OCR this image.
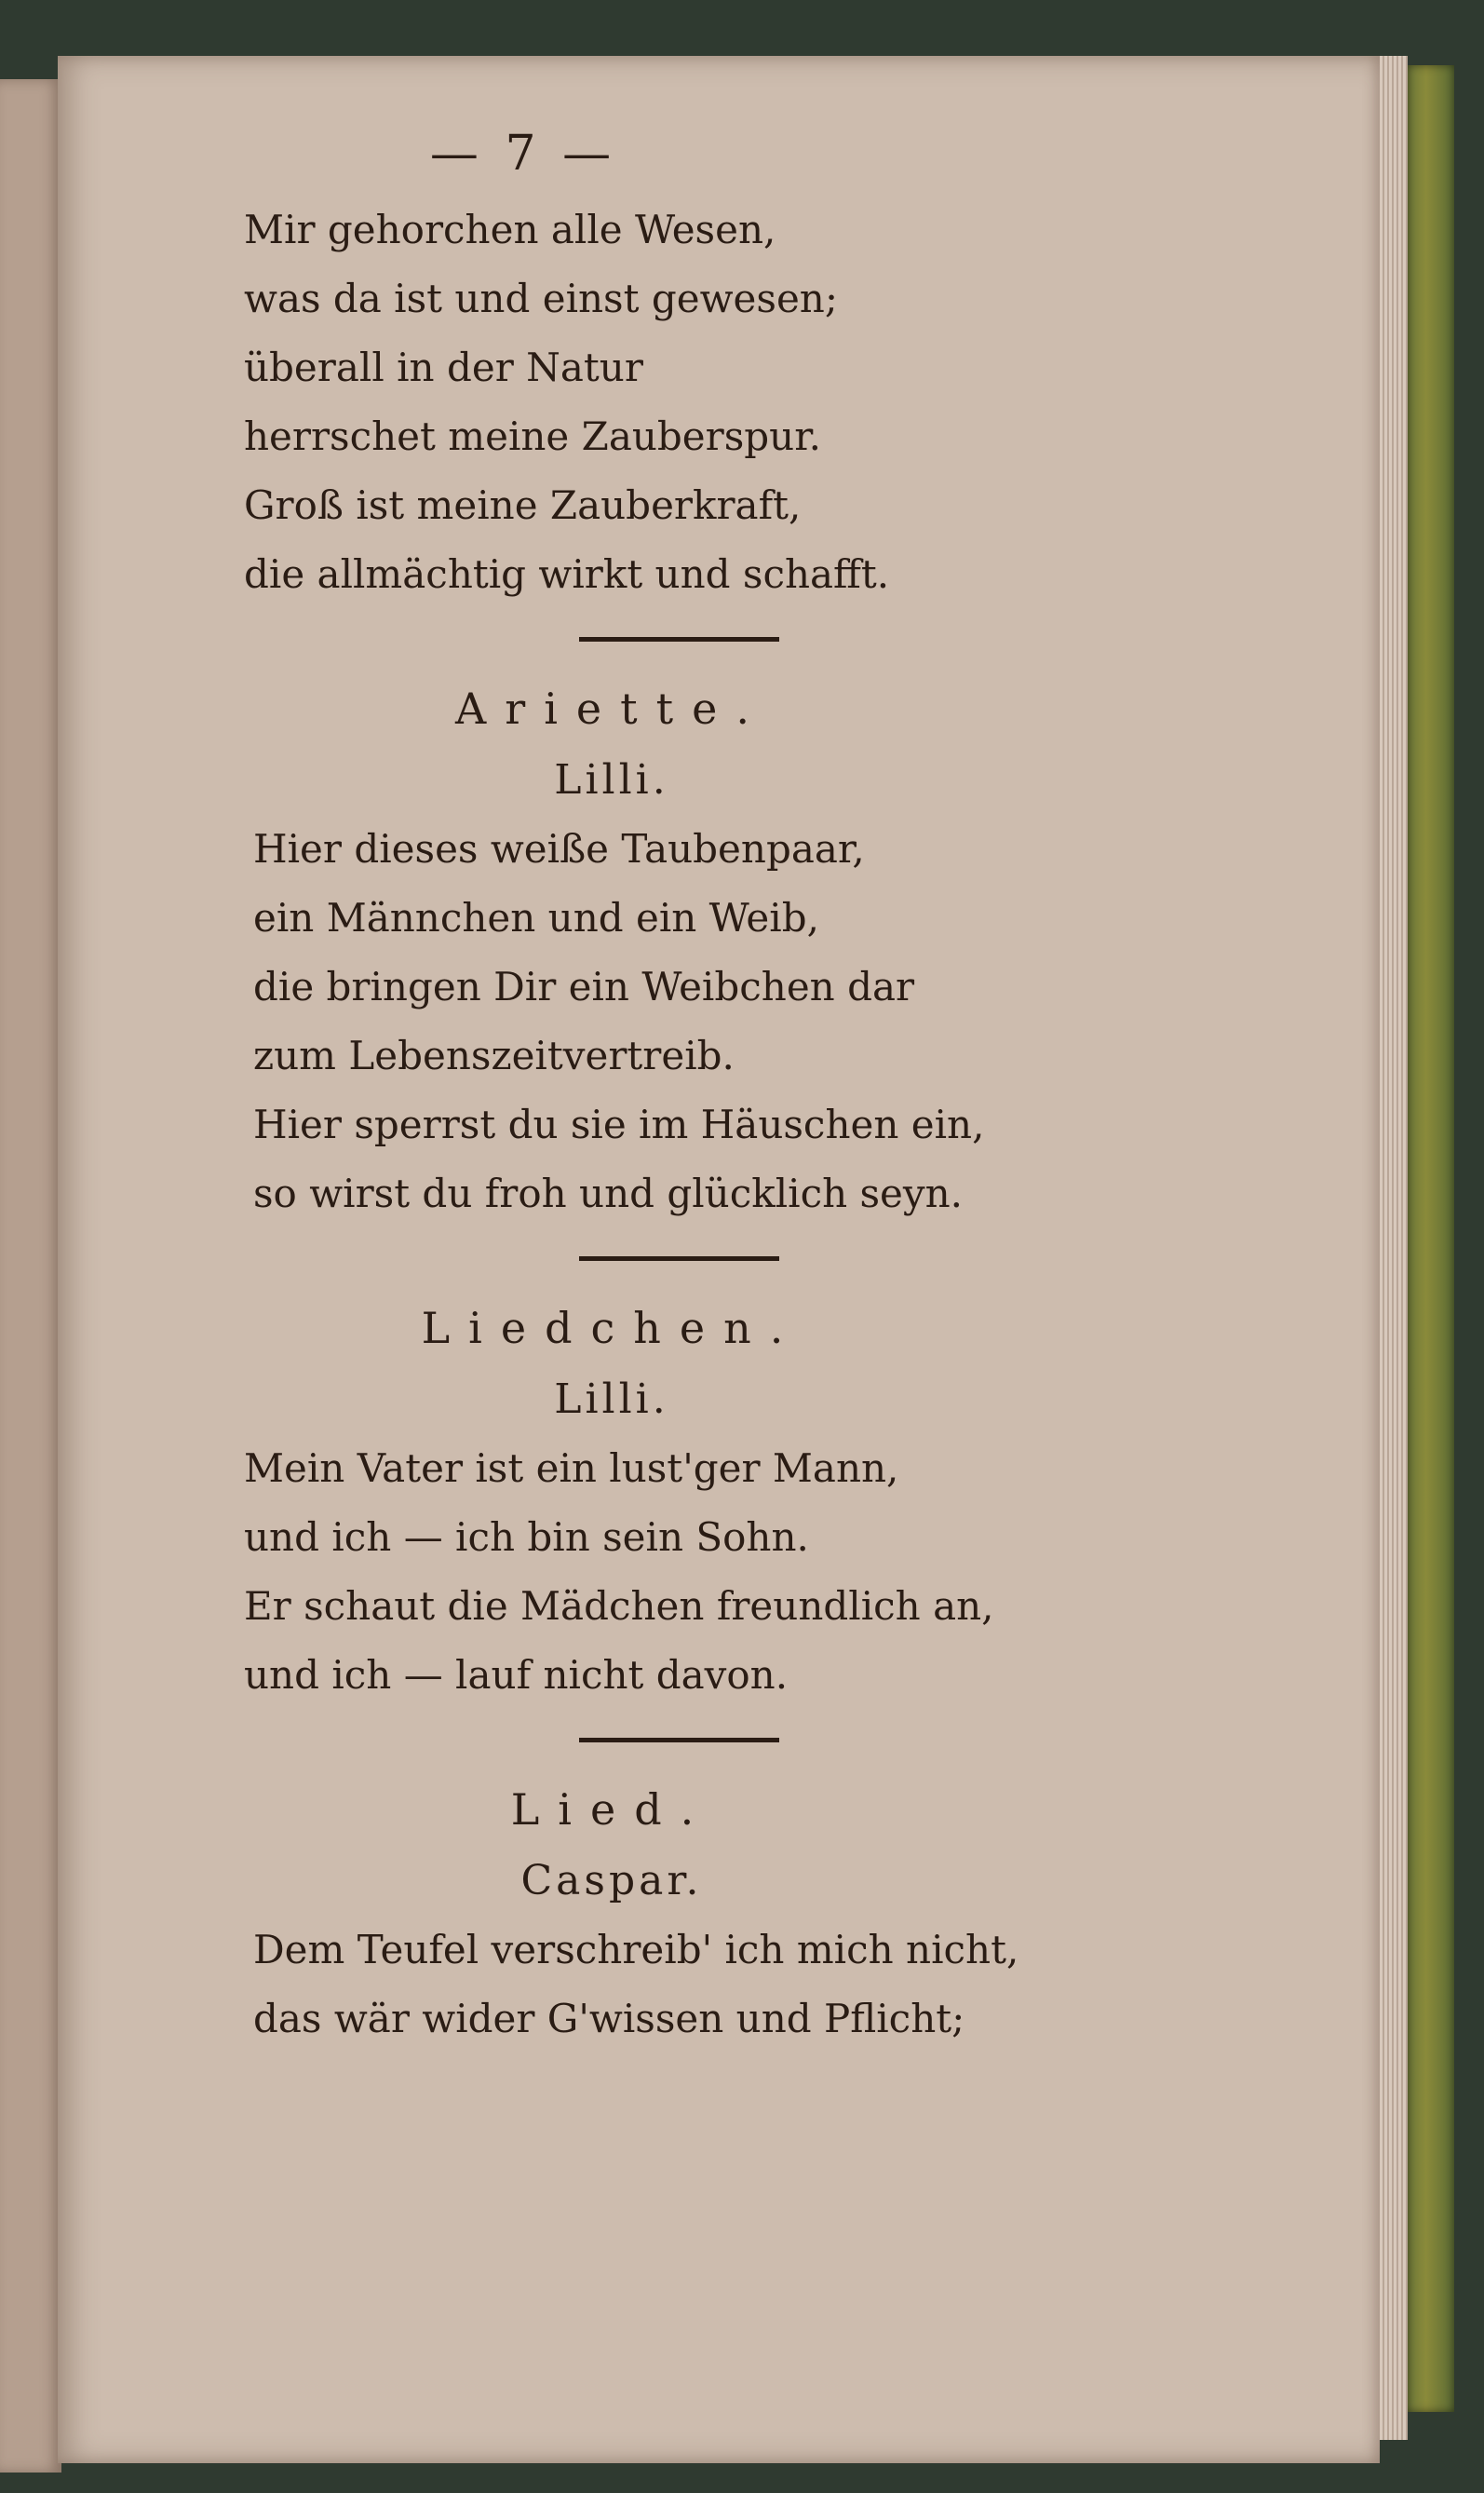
— 7 —
Mir gehorchen alle Wesen,
was da ist und einst gewesen;
überall in der Natur
herrschet meine Zauberspur.
Groß ist meine Zauberkraft,
die allmächtig wirkt und schafft.
Ariette.
Lilli.
Hier dieses weiße Taubenpaar,
ein Männchen und ein Weib,
die bringen Dir ein Weibchen dar
zum Lebenszeitvertreib.
Hier sperrst du sie im Häuschen ein,
so wirst du froh und glücklich seyn.
Liedchen.
Lilli.
Mein Vater ist ein lust'ger Mann,
und ich — ich bin sein Sohn.
Er schaut die Mädchen freundlich an,
und ich — lauf nicht davon.
Lied.
Caspar.
Dem Teufel verschreib' ich mich nicht,
das wär wider G'wissen und Pflicht;
